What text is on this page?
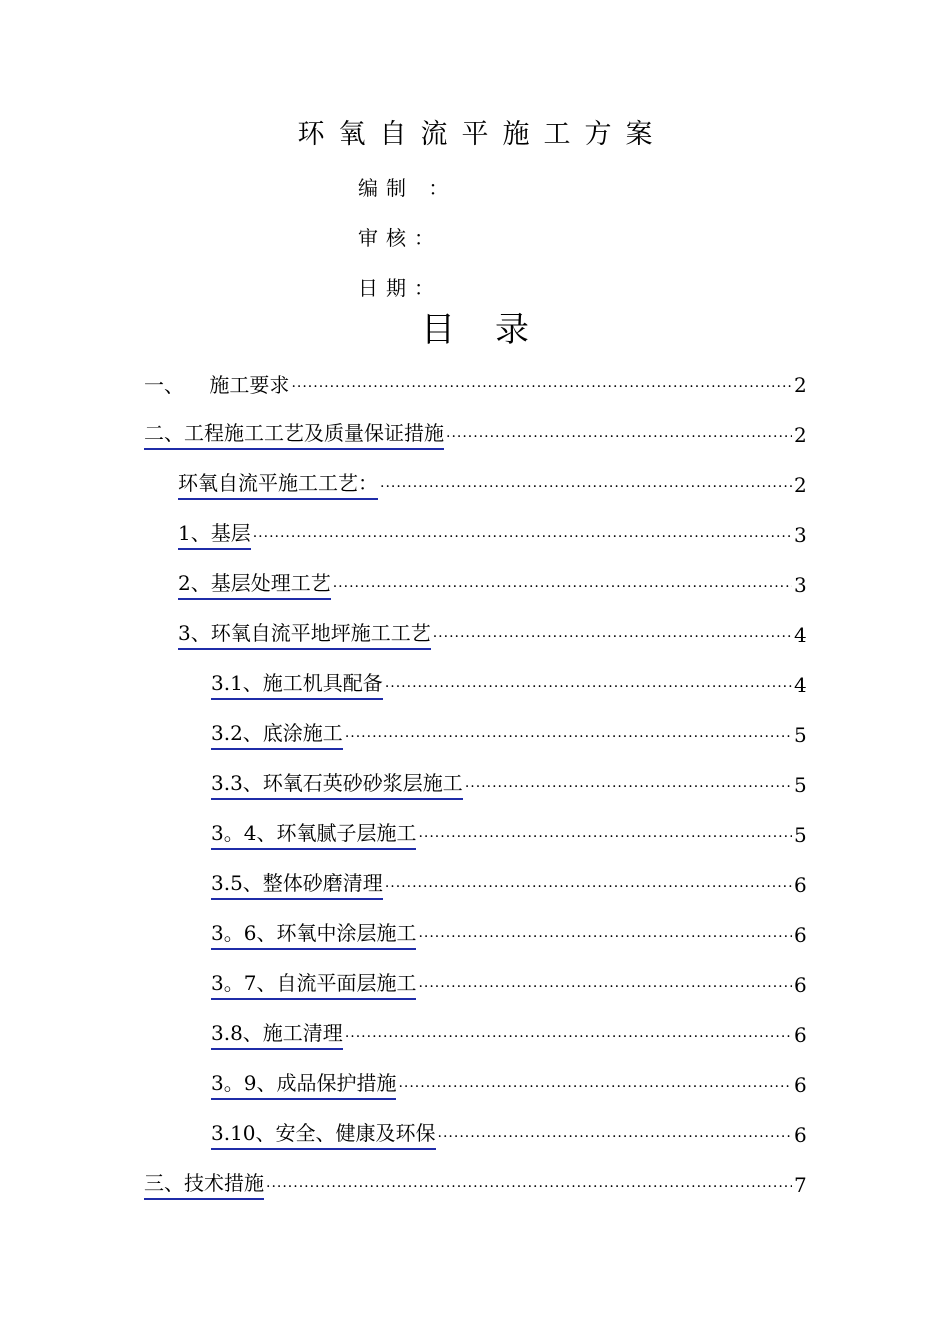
环氧自流平施工方案
编制 ：
审核：
日期：
目录
一、    施工要求 .....	2
二、工程施工工艺及质量保证措施 .....	2
环氧自流平施工工艺： .....	2
1、基层 .....	3
2、基层处理工艺 .....	3
3、环氧自流平地坪施工工艺 .....	4
3.1、施工机具配备 .....	4
3.2、底涂施工 .....	5
3.3、环氧石英砂砂浆层施工 .....	5
3。4、环氧腻子层施工 .....	5
3.5、整体砂磨清理 .....	6
3。6、环氧中涂层施工 .....	6
3。7、自流平面层施工 .....	6
3.8、施工清理 .....	6
3。9、成品保护措施 .....	6
3.10、安全、健康及环保 .....	6
三、技术措施 .....	7
